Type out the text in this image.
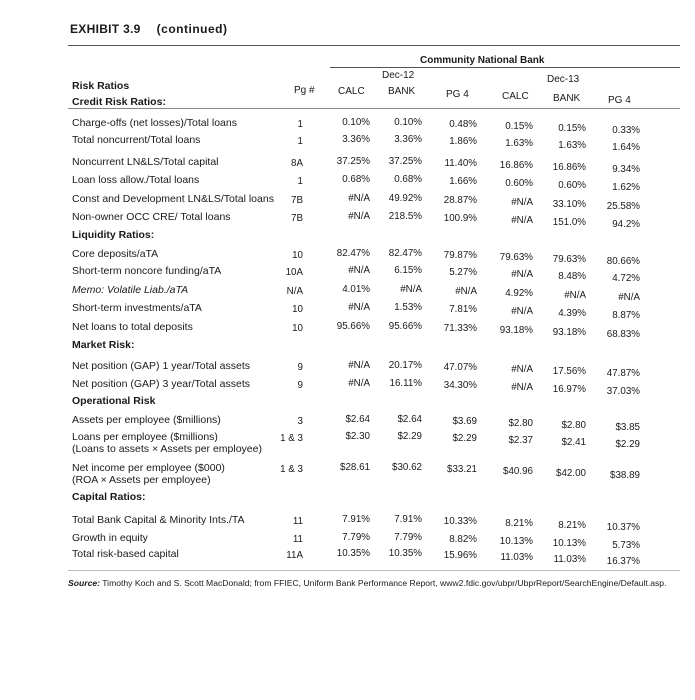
EXHIBIT 3.9 (continued)
Community National Bank
Dec-12	Dec-13
Risk Ratios	Pg # CALC BANK	PG 4	CALC BANK	PG 4
Credit Risk Ratios:
Charge-offs (net losses)/Total loans	1	0.10% 0.10%	0.48%	0.15%	0.15%	0.33%
Total noncurrent/Total loans	1	3.36% 3.36%	1.86%	1.63%	1.63%	1.64%
Noncurrent LN&LS/Total capital	8A	37.25% 37.25% 11.40% 16.86% 16.86%	9.34%
Loan loss allow./Total loans	1	0.68% 0.68%	1.66%	0.60%	0.60%	1.62%
Const and Development LN&LS/Total loans 7B	#N/A 49.92% 28.87%	#N/A 33.10% 25.58%
Non-owner OCC CRE/ Total loans	7B	#N/A 218.5% 100.9%	#N/A 151.0%	94.2%
Liquidity Ratios:
Core deposits/aTA	10	82.47% 82.47% 79.87% 79.63% 79.63% 80.66%
Short-term noncore funding/aTA	10A	#N/A 6.15%	5.27%	#N/A	8.48%	4.72%
Memo: Volatile Liab./aTA	N/A	4.01%	#N/A	#N/A	4.92%	#N/A	#N/A
Short-term investments/aTA	10	#N/A 1.53%	7.81%	#N/A	4.39%	8.87%
Net loans to total deposits	10	95.66% 95.66% 71.33% 93.18% 93.18% 68.83%
Market Risk:
Net position (GAP) 1 year/Total assets	9	#N/A 20.17% 47.07%	#N/A 17.56% 47.87%
Net position (GAP) 3 year/Total assets	9	#N/A 16.11% 34.30%	#N/A 16.97% 37.03%
Operational Risk
Assets per employee ($millions)	3	$2.64	$2.64	$3.69	$2.80	$2.80	$3.85
Loans per employee ($millions)
(Loans to assets × Assets per employee)
1 & 3	$2.30	$2.29	$2.29	$2.37	$2.41	$2.29
Net income per employee ($000)
(ROA × Assets per employee)
1 & 3	$28.61 $30.62	$33.21	$40.96 $42.00 $38.89
Capital Ratios:
Total Bank Capital & Minority Ints./TA	11	7.91% 7.91% 10.33%	8.21%	8.21% 10.37%
Growth in equity	11	7.79% 7.79%	8.82% 10.13% 10.13%	5.73%
Total risk-based capital	11A	10.35% 10.35% 15.96% 11.03% 11.03% 16.37%
Source: Timothy Koch and S. Scott MacDonald; from FFIEC, Uniform Bank Performance Report, www2.fdic.gov/ubpr/UbprReport/SearchEngine/Default.asp.
